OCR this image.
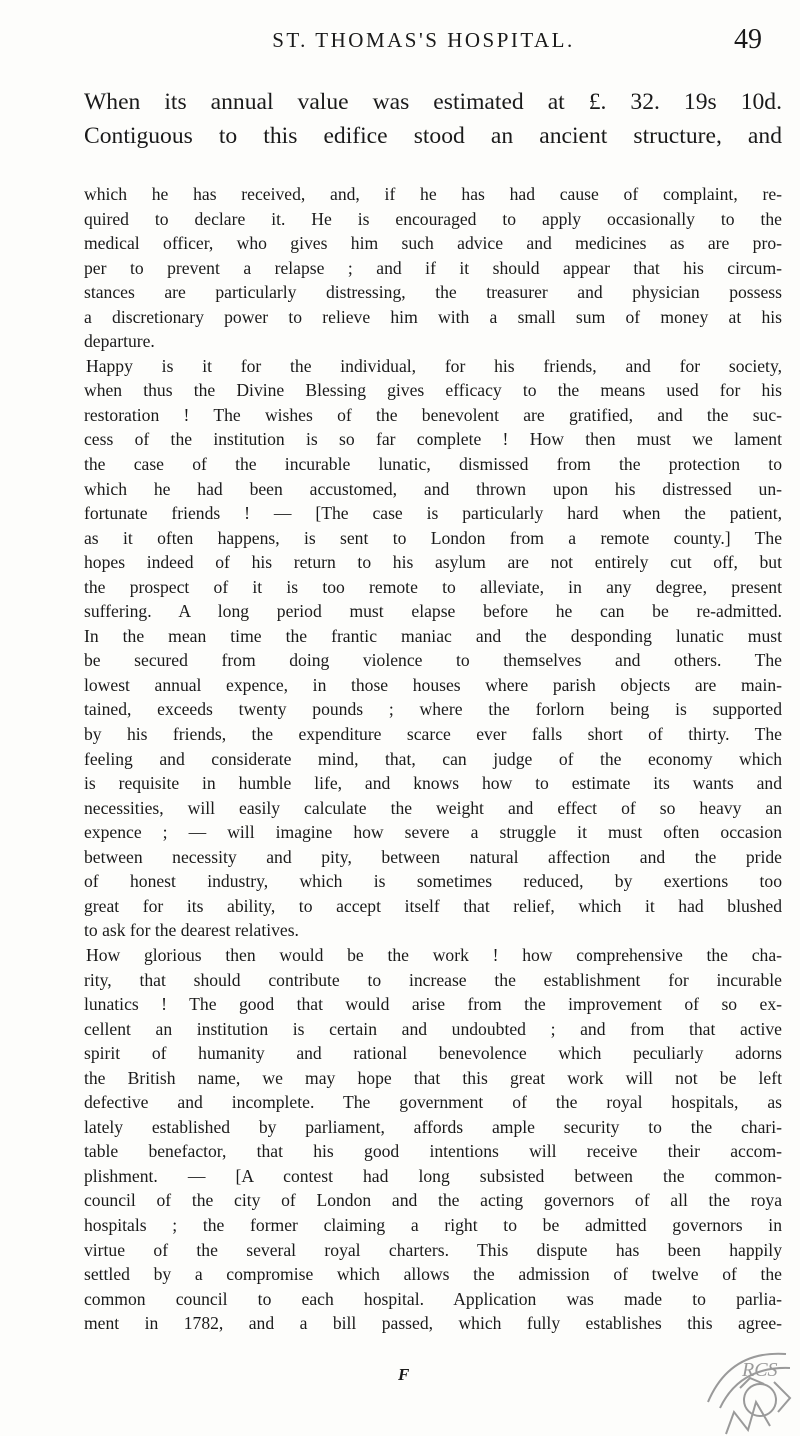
ST. THOMAS'S HOSPITAL.	49
When its annual value was estimated at £. 32. 19s 10d.
Contiguous to this edifice stood an ancient structure, and
which he has received, and, if he has had cause of complaint, re-
quired to declare it. He is encouraged to apply occasionally to the
medical officer, who gives him such advice and medicines as are pro-
per to prevent a relapse ; and if it should appear that his circum-
stances are particularly distressing, the treasurer and physician possess
a discretionary power to relieve him with a small sum of money at his
departure.
Happy is it for the individual, for his friends, and for society,
when thus the Divine Blessing gives efficacy to the means used for his
restoration ! The wishes of the benevolent are gratified, and the suc-
cess of the institution is so far complete ! How then must we lament
the case of the incurable lunatic, dismissed from the protection to
which he had been accustomed, and thrown upon his distressed un-
fortunate friends ! — [The case is particularly hard when the patient,
as it often happens, is sent to London from a remote county.] The
hopes indeed of his return to his asylum are not entirely cut off, but
the prospect of it is too remote to alleviate, in any degree, present
suffering. A long period must elapse before he can be re-admitted.
In the mean time the frantic maniac and the desponding lunatic must
be secured from doing violence to themselves and others. The
lowest annual expence, in those houses where parish objects are main-
tained, exceeds twenty pounds ; where the forlorn being is supported
by his friends, the expenditure scarce ever falls short of thirty. The
feeling and considerate mind, that, can judge of the economy which
is requisite in humble life, and knows how to estimate its wants and
necessities, will easily calculate the weight and effect of so heavy an
expence ; — will imagine how severe a struggle it must often occasion
between necessity and pity, between natural affection and the pride
of honest industry, which is sometimes reduced, by exertions too
great for its ability, to accept itself that relief, which it had blushed
to ask for the dearest relatives.
How glorious then would be the work ! how comprehensive the cha-
rity, that should contribute to increase the establishment for incurable
lunatics ! The good that would arise from the improvement of so ex-
cellent an institution is certain and undoubted ; and from that active
spirit of humanity and rational benevolence which peculiarly adorns
the British name, we may hope that this great work will not be left
defective and incomplete. The government of the royal hospitals, as
lately established by parliament, affords ample security to the chari-
table benefactor, that his good intentions will receive their accom-
plishment. — [A contest had long subsisted between the common-
council of the city of London and the acting governors of all the roya
hospitals ; the former claiming a right to be admitted governors in
virtue of the several royal charters. This dispute has been happily
settled by a compromise which allows the admission of twelve of the
common council to each hospital. Application was made to parlia-
ment in 1782, and a bill passed, which fully establishes this agree-
F	RCS
